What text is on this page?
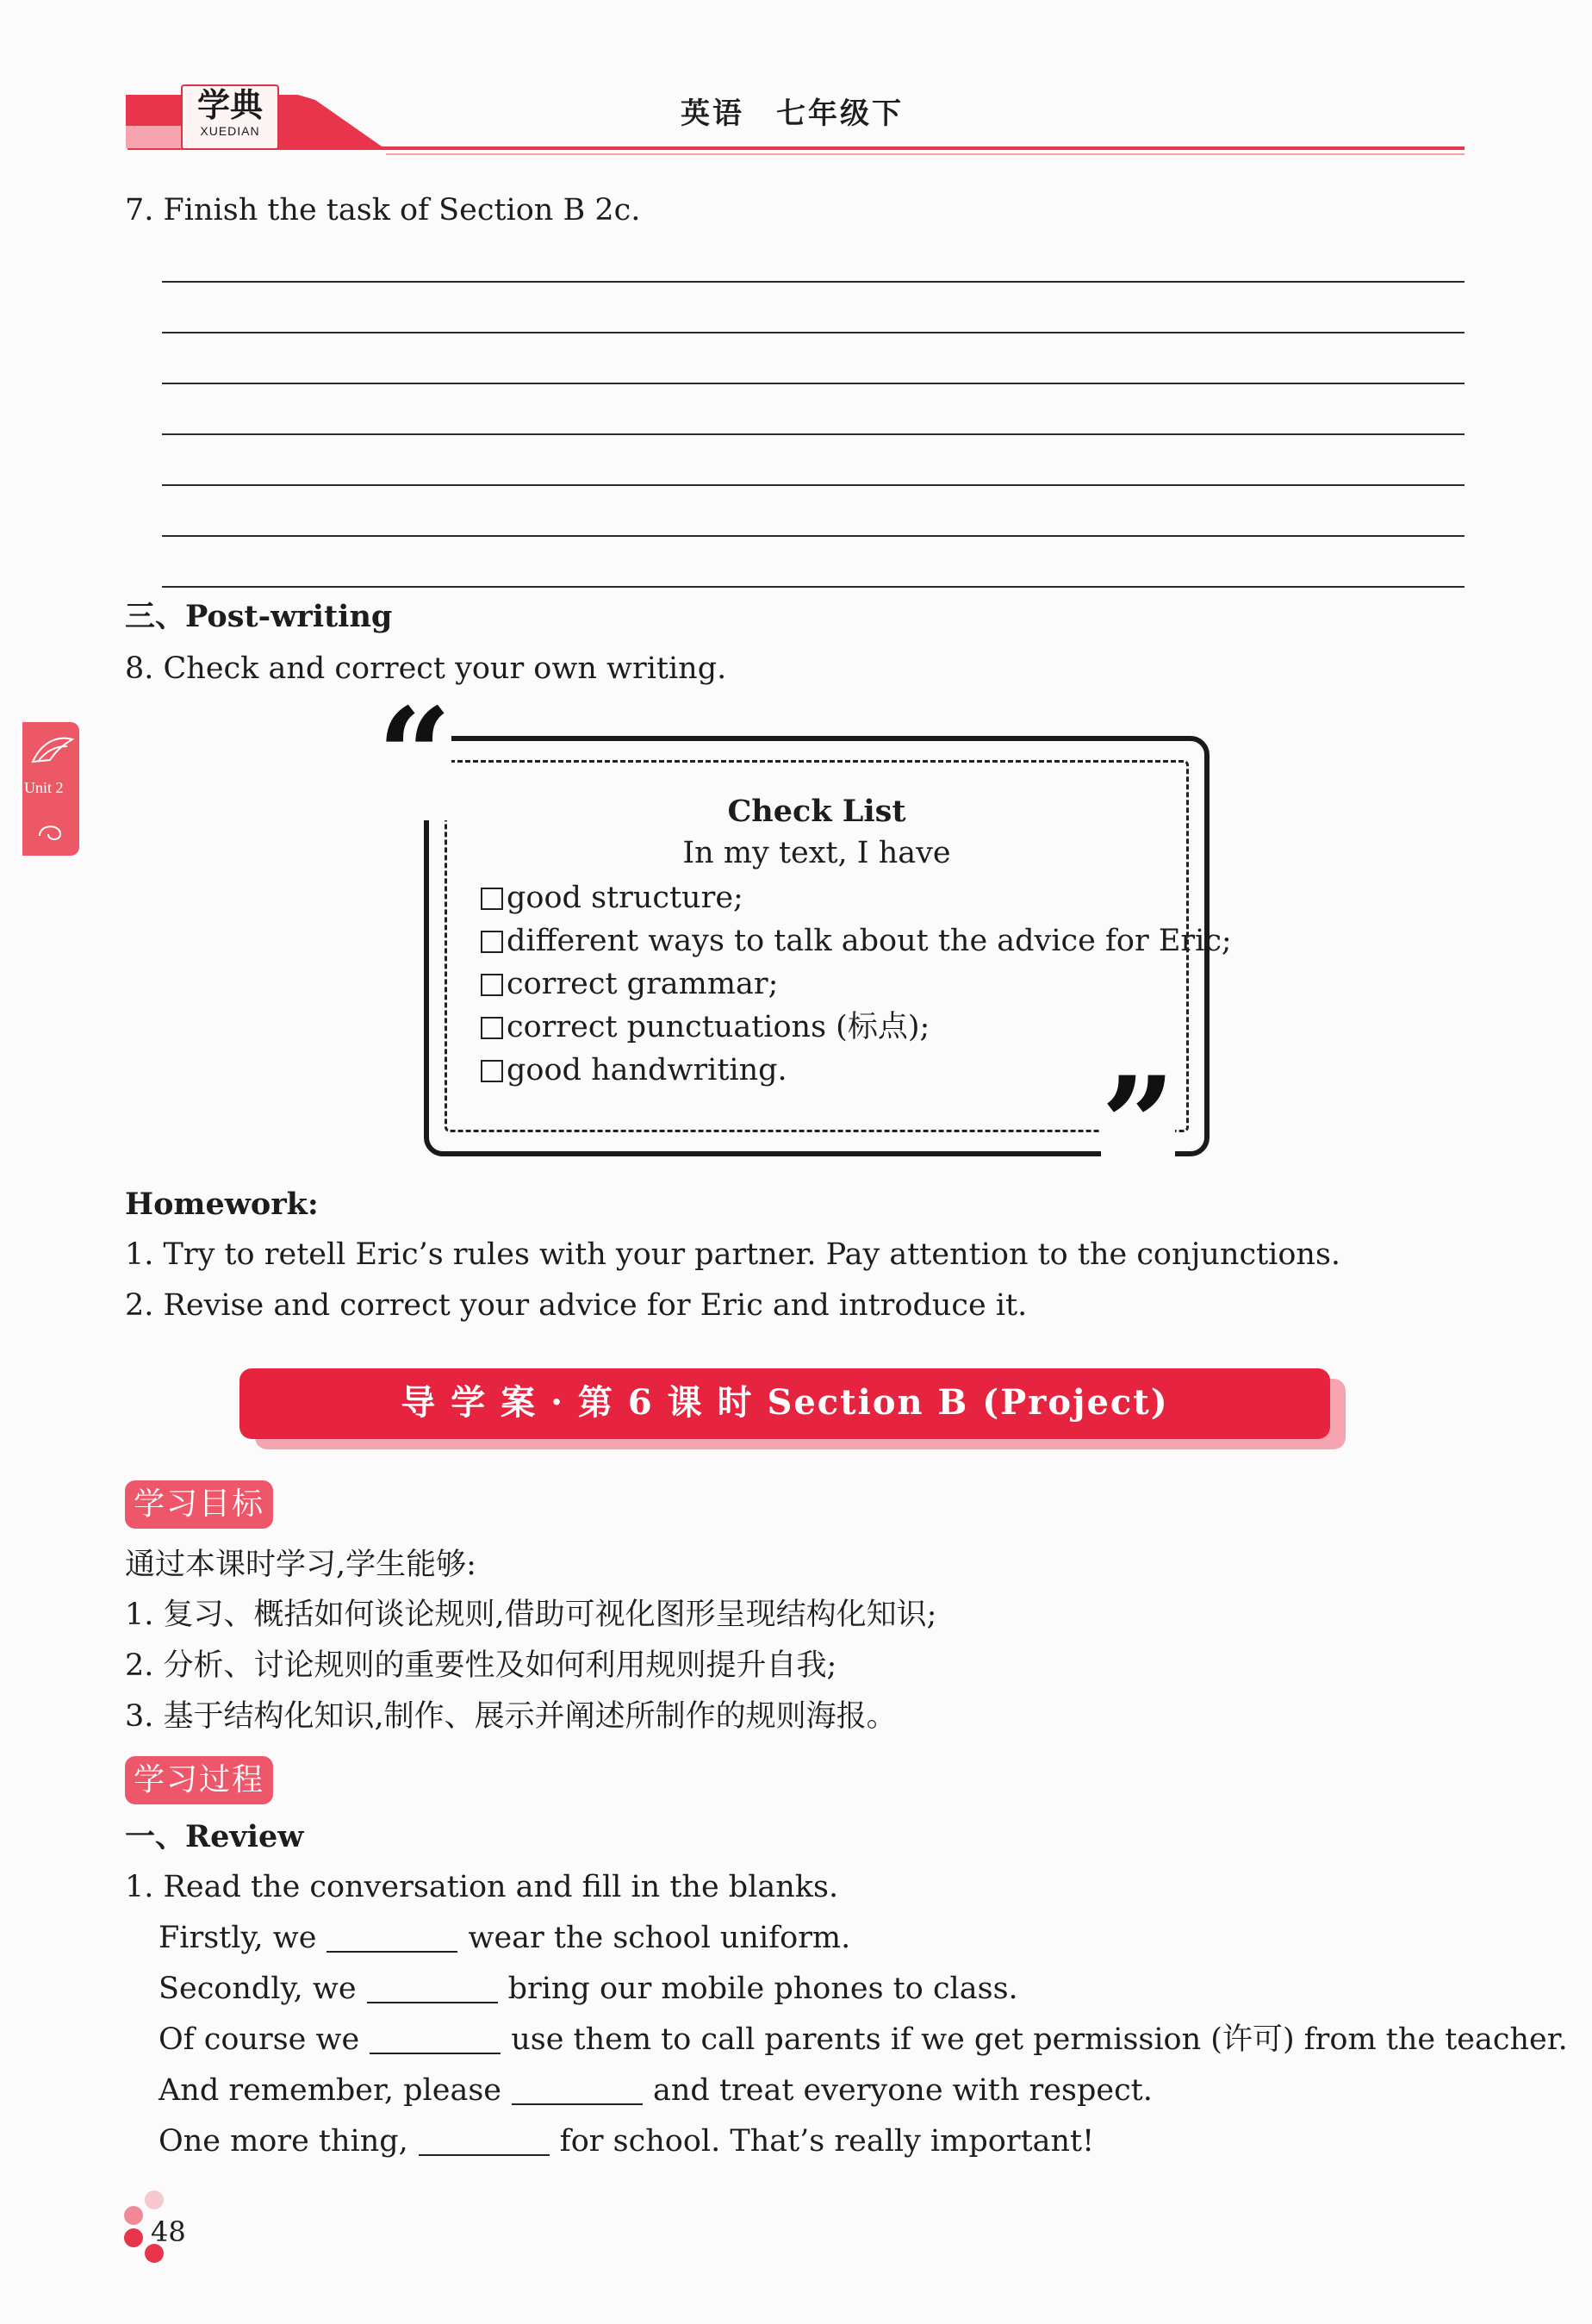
学典
XUEDIAN	英语　七年级下
Unit 2
7. Finish the task of Section B 2c.
三、Post-writing
8. Check and correct your own writing.
“
”
Check List
In my text, I have
good structure;
different ways to talk about the advice for Eric;
correct grammar;
correct punctuations (标点);
good handwriting.
Homework:
1. Try to retell Eric’s rules with your partner. Pay attention to the conjunctions.
2. Revise and correct your advice for Eric and introduce it.
导 学 案 · 第 6 课 时 Section B (Project)
学习目标
通过本课时学习,学生能够:
1. 复习、概括如何谈论规则,借助可视化图形呈现结构化知识;
2. 分析、讨论规则的重要性及如何利用规则提升自我;
3. 基于结构化知识,制作、展示并阐述所制作的规则海报。
学习过程
一、Review
1. Read the conversation and fill in the blanks.
Firstly, we	wear the school uniform.
Secondly, we	bring our mobile phones to class.
Of course we	use them to call parents if we get permission (许可) from the teacher.
And remember, please	and treat everyone with respect.
One more thing,	for school. That’s really important!
48
